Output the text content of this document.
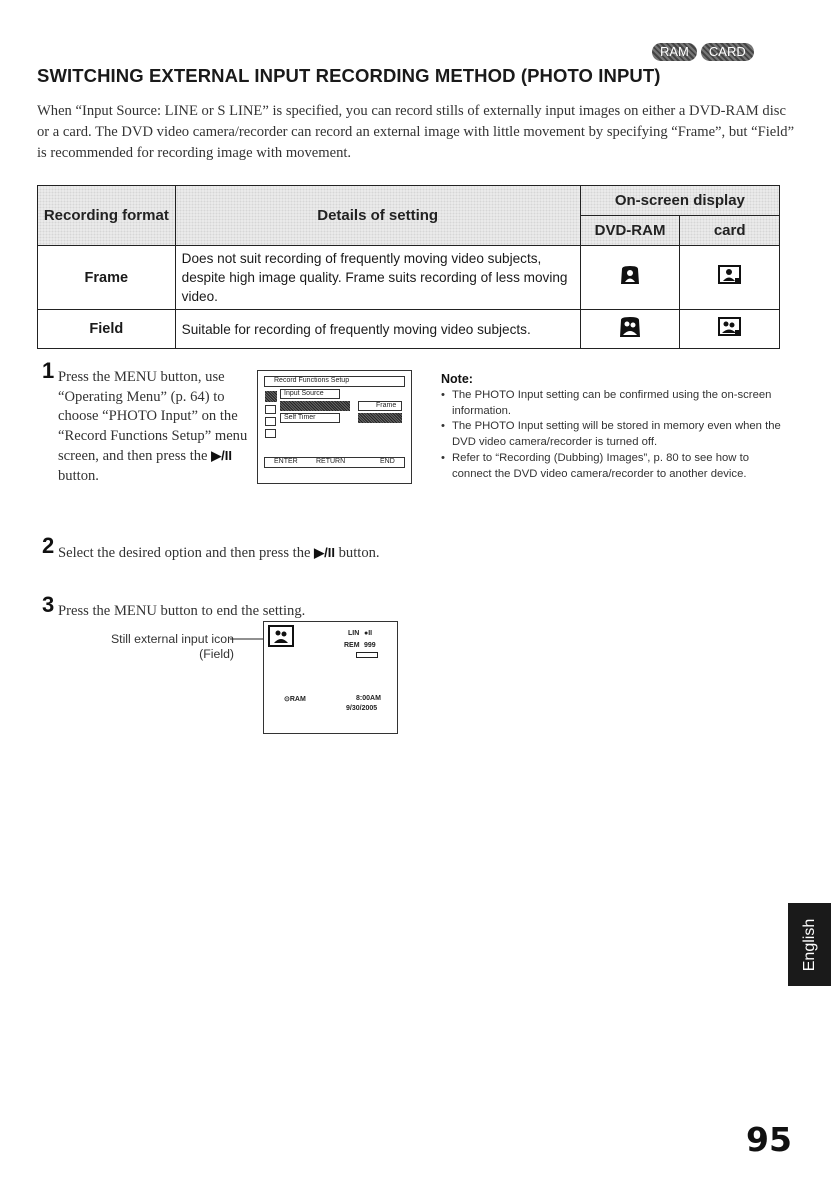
RAM	CARD
SWITCHING EXTERNAL INPUT RECORDING METHOD (PHOTO INPUT)

When “Input Source: LINE or S LINE” is specified, you can record stills of externally input images on either a DVD-RAM disc or a card. The DVD video camera/recorder can record an external image with little movement by specifying “Frame”, but “Field” is recommended for recording image with movement.

Recording format	Details of setting	On-screen display	
		DVD-RAM	card
Frame	Does not suit recording of frequently moving video subjects, despite high image quality. Frame suits recording of less moving video.		
Field	Suitable for recording of frequently moving video subjects.		
1 Press the MENU button, use “Operating Menu” (p. 64) to choose “PHOTO Input” on the “Record Functions Setup” menu screen, and then press the ▶/II button.

Record Functions Setup
Input Source
Self Timer
Frame
ENTER	RETURN	END
Note:
• The PHOTO Input setting can be confirmed using the on-screen information.
• The PHOTO Input setting will be stored in memory even when the DVD video camera/recorder is turned off.
• Refer to “Recording (Dubbing) Images”, p. 80 to see how to connect the DVD video camera/recorder to another device.
2 Select the desired option and then press the ▶/II button.

3 Press the MENU button to end the setting.

Still external input icon
(Field)
LIN ●II
REM 999
⊙RAM	8:00AM
9/30/2005
English
95
